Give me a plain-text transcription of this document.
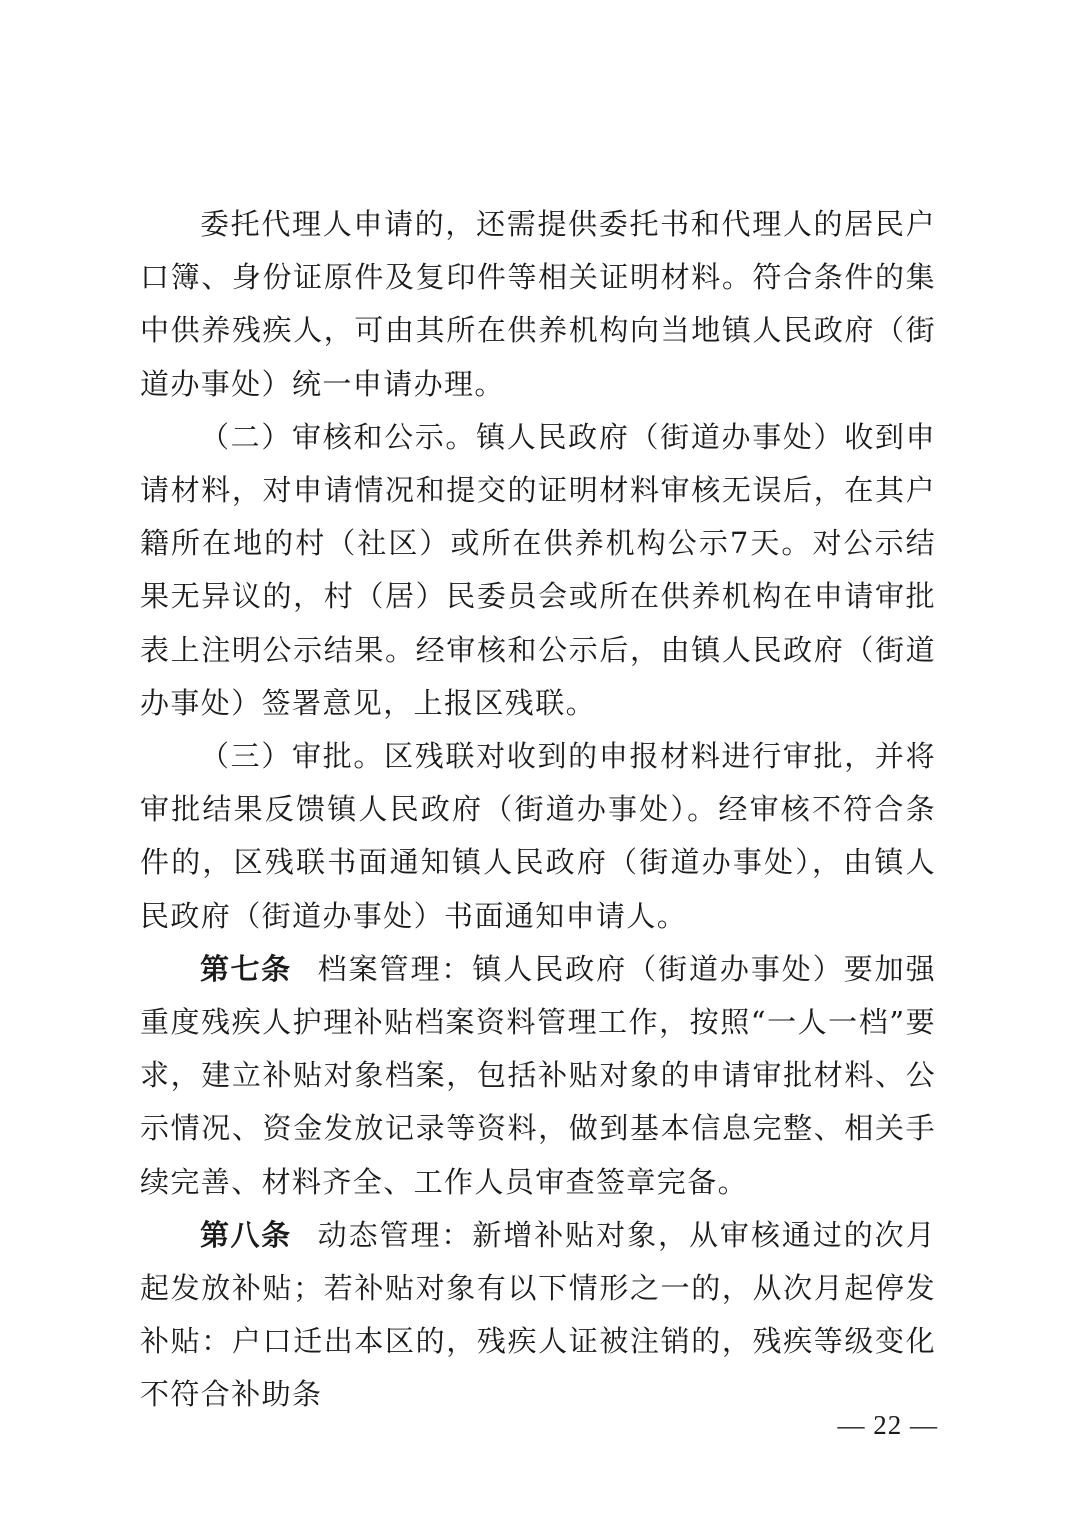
委托代理人申请的，还需提供委托书和代理人的居民户口簿、身份证原件及复印件等相关证明材料。符合条件的集中供养残疾人，可由其所在供养机构向当地镇人民政府（街道办事处）统一申请办理。

（二）审核和公示。镇人民政府（街道办事处）收到申请材料，对申请情况和提交的证明材料审核无误后，在其户籍所在地的村（社区）或所在供养机构公示7天。对公示结果无异议的，村（居）民委员会或所在供养机构在申请审批表上注明公示结果。经审核和公示后，由镇人民政府（街道办事处）签署意见，上报区残联。

（三）审批。区残联对收到的申报材料进行审批，并将审批结果反馈镇人民政府（街道办事处）。经审核不符合条件的，区残联书面通知镇人民政府（街道办事处），由镇人民政府（街道办事处）书面通知申请人。

第七条 档案管理：镇人民政府（街道办事处）要加强重度残疾人护理补贴档案资料管理工作，按照“一人一档”要求，建立补贴对象档案，包括补贴对象的申请审批材料、公示情况、资金发放记录等资料，做到基本信息完整、相关手续完善、材料齐全、工作人员审查签章完备。

第八条 动态管理：新增补贴对象，从审核通过的次月起发放补贴；若补贴对象有以下情形之一的，从次月起停发补贴：户口迁出本区的，残疾人证被注销的，残疾等级变化不符合补助条

— 22 —
